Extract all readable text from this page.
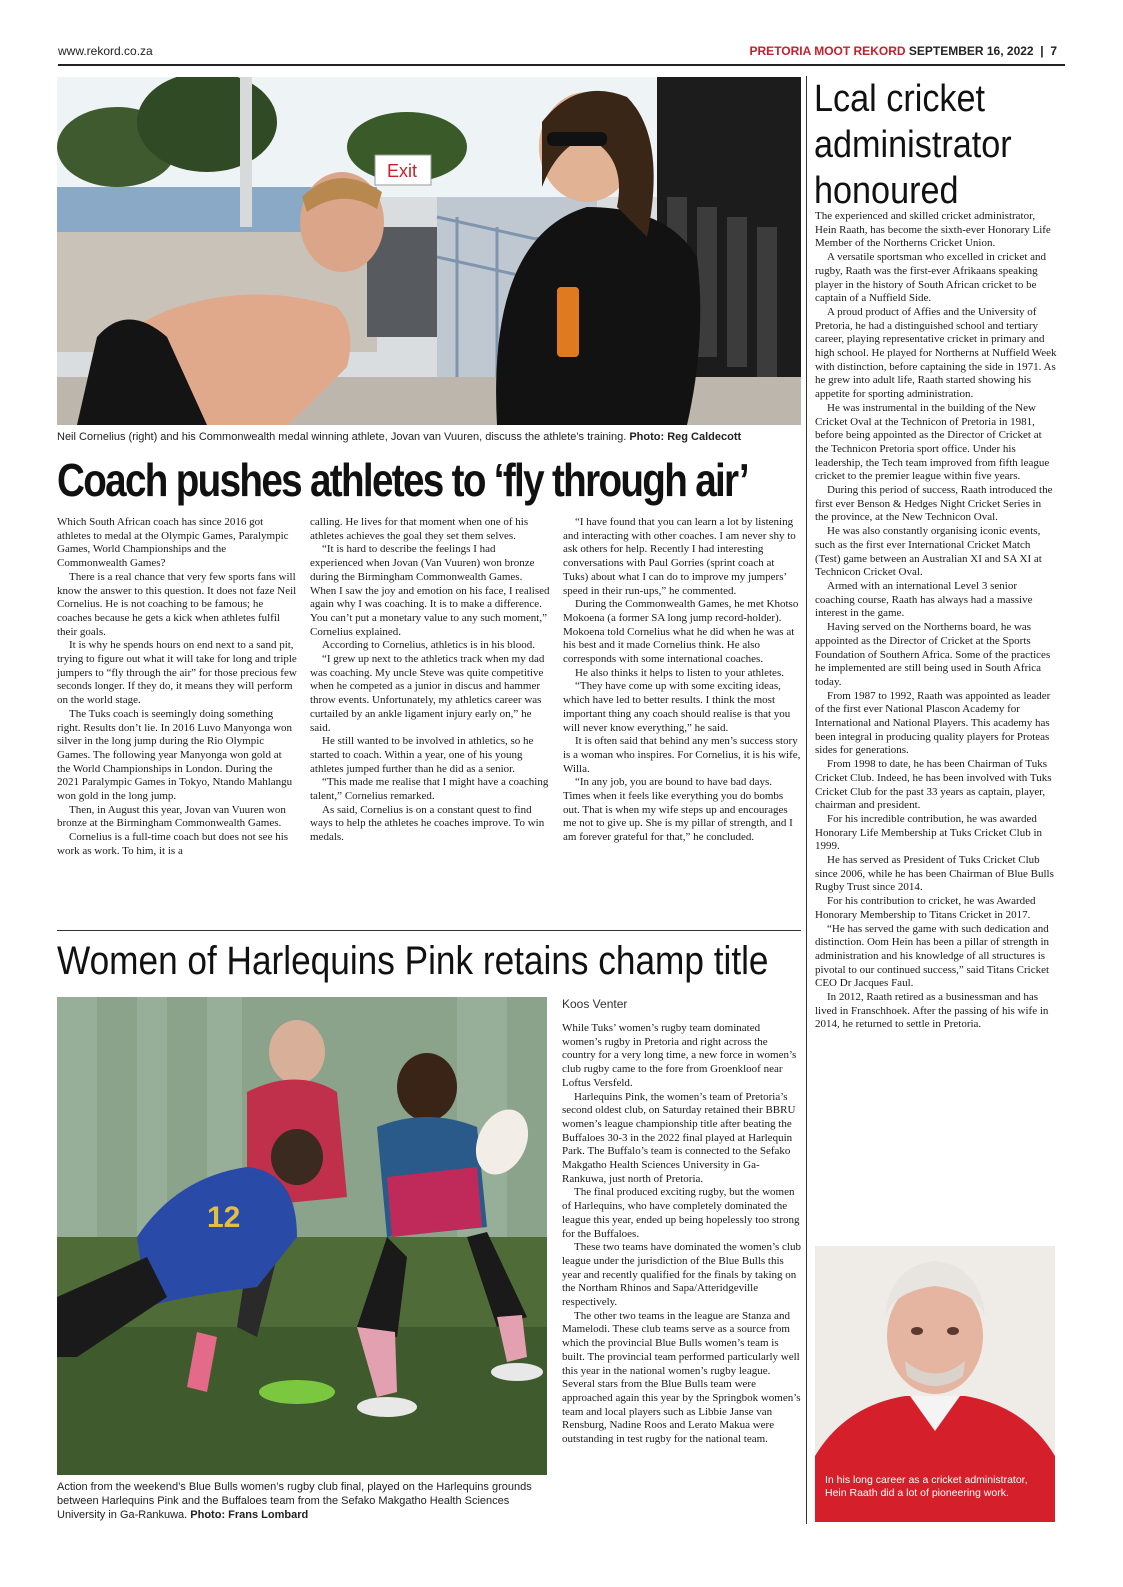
www.rekord.co.za	PRETORIA MOOT REKORD SEPTEMBER 16, 2022 | 7
Exit
Neil Cornelius (right) and his Commonwealth medal winning athlete, Jovan van Vuuren, discuss the athlete’s training. Photo: Reg Caldecott
Coach pushes athletes to ‘fly through air’

Which South African coach has since 2016 got athletes to medal at the Olympic Games, Paralympic Games, World Championships and the Commonwealth Games?

There is a real chance that very few sports fans will know the answer to this question. It does not faze Neil Cornelius. He is not coaching to be famous; he coaches because he gets a kick when athletes fulfil their goals.

It is why he spends hours on end next to a sand pit, trying to figure out what it will take for long and triple jumpers to “fly through the air” for those precious few seconds longer. If they do, it means they will perform on the world stage.

The Tuks coach is seemingly doing something right. Results don’t lie. In 2016 Luvo Manyonga won silver in the long jump during the Rio Olympic Games. The following year Manyonga won gold at the World Championships in London. During the 2021 Paralympic Games in Tokyo, Ntando Mahlangu won gold in the long jump.

Then, in August this year, Jovan van Vuuren won bronze at the Birmingham Commonwealth Games.

Cornelius is a full-time coach but does not see his work as work. To him, it is a

calling. He lives for that moment when one of his athletes achieves the goal they set them selves.

“It is hard to describe the feelings I had experienced when Jovan (Van Vuuren) won bronze during the Birmingham Commonwealth Games. When I saw the joy and emotion on his face, I realised again why I was coaching. It is to make a difference. You can’t put a monetary value to any such moment,” Cornelius explained.

According to Cornelius, athletics is in his blood.

“I grew up next to the athletics track when my dad was coaching. My uncle Steve was quite competitive when he competed as a junior in discus and hammer throw events. Unfortunately, my athletics career was curtailed by an ankle ligament injury early on,” he said.

He still wanted to be involved in athletics, so he started to coach. Within a year, one of his young athletes jumped further than he did as a senior.

“This made me realise that I might have a coaching talent,” Cornelius remarked.

As said, Cornelius is on a constant quest to find ways to help the athletes he coaches improve. To win medals.

“I have found that you can learn a lot by listening and interacting with other coaches. I am never shy to ask others for help. Recently I had interesting conversations with Paul Gorries (sprint coach at Tuks) about what I can do to improve my jumpers’ speed in their run-ups,” he commented.

During the Commonwealth Games, he met Khotso Mokoena (a former SA long jump record-holder). Mokoena told Cornelius what he did when he was at his best and it made Cornelius think. He also corresponds with some international coaches.

He also thinks it helps to listen to your athletes.

“They have come up with some exciting ideas, which have led to better results. I think the most important thing any coach should realise is that you will never know everything,” he said.

It is often said that behind any men’s success story is a woman who inspires. For Cornelius, it is his wife, Willa.

“In any job, you are bound to have bad days. Times when it feels like everything you do bombs out. That is when my wife steps up and encourages me not to give up. She is my pillar of strength, and I am forever grateful for that,” he concluded.

Women of Harlequins Pink retains champ title
12
Action from the weekend’s Blue Bulls women’s rugby club final, played on the Harlequins grounds between Harlequins Pink and the Buffaloes team from the Sefako Makgatho Health Sciences University in Ga-Rankuwa. Photo: Frans Lombard
Koos Venter

While Tuks’ women’s rugby team dominated women’s rugby in Pretoria and right across the country for a very long time, a new force in women’s club rugby came to the fore from Groenkloof near Loftus Versfeld.

Harlequins Pink, the women’s team of Pretoria’s second oldest club, on Saturday retained their BBRU women’s league championship title after beating the Buffaloes 30-3 in the 2022 final played at Harlequin Park. The Buffalo’s team is connected to the Sefako Makgatho Health Sciences University in Ga-Rankuwa, just north of Pretoria.

The final produced exciting rugby, but the women of Harlequins, who have completely dominated the league this year, ended up being hopelessly too strong for the Buffaloes.

These two teams have dominated the women’s club league under the jurisdiction of the Blue Bulls this year and recently qualified for the finals by taking on the Northam Rhinos and Sapa/Atteridgeville respectively.

The other two teams in the league are Stanza and Mamelodi. These club teams serve as a source from which the provincial Blue Bulls women’s team is built. The provincial team performed particularly well this year in the national women’s rugby league. Several stars from the Blue Bulls team were approached again this year by the Springbok women’s team and local players such as Libbie Janse van Rensburg, Nadine Roos and Lerato Makua were outstanding in test rugby for the national team.

Lcal cricket administrator honoured

The experienced and skilled cricket administrator, Hein Raath, has become the sixth-ever Honorary Life Member of the Northerns Cricket Union.

A versatile sportsman who excelled in cricket and rugby, Raath was the first-ever Afrikaans speaking player in the history of South African cricket to be captain of a Nuffield Side.

A proud product of Affies and the University of Pretoria, he had a distinguished school and tertiary career, playing representative cricket in primary and high school. He played for Northerns at Nuffield Week with distinction, before captaining the side in 1971. As he grew into adult life, Raath started showing his appetite for sporting administration.

He was instrumental in the building of the New Cricket Oval at the Technicon of Pretoria in 1981, before being appointed as the Director of Cricket at the Technicon Pretoria sport office. Under his leadership, the Tech team improved from fifth league cricket to the premier league within five years.

During this period of success, Raath introduced the first ever Benson & Hedges Night Cricket Series in the province, at the New Technicon Oval.

He was also constantly organising iconic events, such as the first ever International Cricket Match (Test) game between an Australian XI and SA XI at Technicon Cricket Oval.

Armed with an international Level 3 senior coaching course, Raath has always had a massive interest in the game.

Having served on the Northerns board, he was appointed as the Director of Cricket at the Sports Foundation of Southern Africa. Some of the practices he implemented are still being used in South Africa today.

From 1987 to 1992, Raath was appointed as leader of the first ever National Plascon Academy for International and National Players. This academy has been integral in producing quality players for Proteas sides for generations.

From 1998 to date, he has been Chairman of Tuks Cricket Club. Indeed, he has been involved with Tuks Cricket Club for the past 33 years as captain, player, chairman and president.

For his incredible contribution, he was awarded Honorary Life Membership at Tuks Cricket Club in 1999.

He has served as President of Tuks Cricket Club since 2006, while he has been Chairman of Blue Bulls Rugby Trust since 2014.

For his contribution to cricket, he was Awarded Honorary Membership to Titans Cricket in 2017.

“He has served the game with such dedication and distinction. Oom Hein has been a pillar of strength in administration and his knowledge of all structures is pivotal to our continued success,” said Titans Cricket CEO Dr Jacques Faul.

In 2012, Raath retired as a businessman and has lived in Franschhoek. After the passing of his wife in 2014, he returned to settle in Pretoria.

In his long career as a cricket administrator, Hein Raath did a lot of pioneering work.
